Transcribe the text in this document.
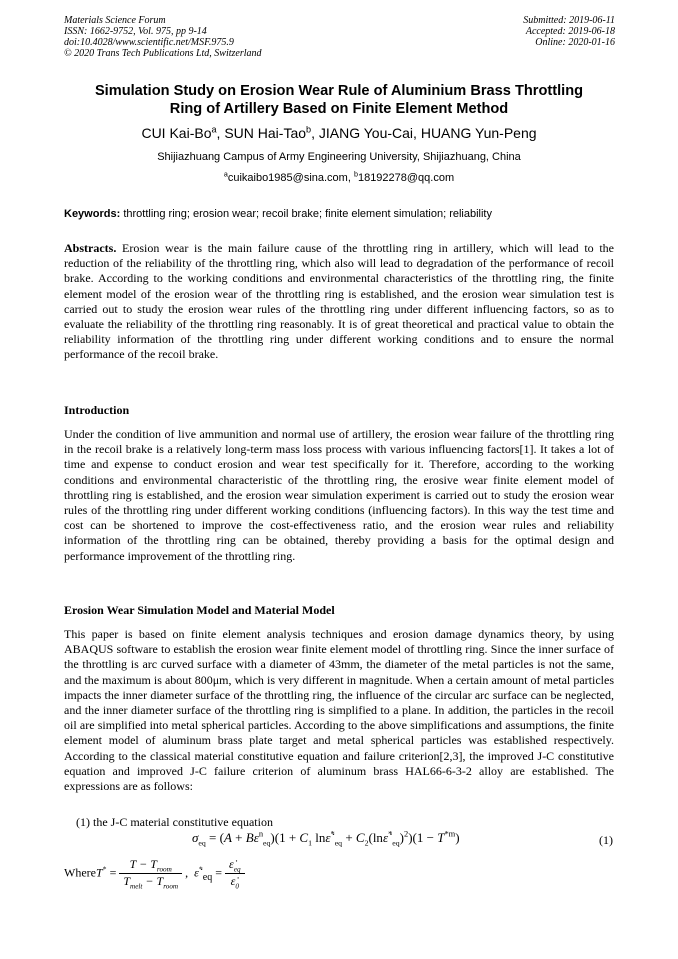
Materials Science Forum
ISSN: 1662-9752, Vol. 975, pp 9-14
doi:10.4028/www.scientific.net/MSF.975.9
© 2020 Trans Tech Publications Ltd, Switzerland
Submitted: 2019-06-11
Accepted: 2019-06-18
Online: 2020-01-16
Simulation Study on Erosion Wear Rule of Aluminium Brass Throttling
Ring of Artillery Based on Finite Element Method
CUI Kai-Bo$^a$, SUN Hai-Tao$^b$, JIANG You-Cai, HUANG Yun-Peng
Shijiazhuang Campus of Army Engineering University, Shijiazhuang, China
$^a$cuikaibo1985@sina.com, $^b$18192278@qq.com
Keywords: throttling ring; erosion wear; recoil brake; finite element simulation; reliability
Abstracts. Erosion wear is the main failure cause of the throttling ring in artillery, which will lead to the reduction of the reliability of the throttling ring, which also will lead to degradation of the performance of recoil brake. According to the working conditions and environmental characteristics of the throttling ring, the finite element model of the erosion wear of the throttling ring is established, and the erosion wear simulation test is carried out to study the erosion wear rules of the throttling ring under different influencing factors, so as to evaluate the reliability of the throttling ring reasonably. It is of great theoretical and practical value to obtain the reliability information of the throttling ring under different working conditions and to ensure the normal performance of the recoil brake.
Introduction
Under the condition of live ammunition and normal use of artillery, the erosion wear failure of the throttling ring in the recoil brake is a relatively long-term mass loss process with various influencing factors[1]. It takes a lot of time and expense to conduct erosion and wear test specifically for it. Therefore, according to the working conditions and environmental characteristic of the throttling ring, the erosive wear finite element model of throttling ring is established, and the erosion wear simulation experiment is carried out to study the erosion wear rules of the throttling ring under different working conditions (influencing factors). In this way the test time and cost can be shortened to improve the cost-effectiveness ratio, and the erosion wear rules and reliability information of the throttling ring can be obtained, thereby providing a basis for the optimal design and performance improvement of the throttling ring.
Erosion Wear Simulation Model and Material Model
This paper is based on finite element analysis techniques and erosion damage dynamics theory, by using ABAQUS software to establish the erosion wear finite element model of throttling ring. Since the inner surface of the throttling is arc curved surface with a diameter of 43mm, the diameter of the metal particles is not the same, and the maximum is about 800μm, which is very different in magnitude. When a certain amount of metal particles impacts the inner diameter surface of the throttling ring, the influence of the circular arc surface can be neglected, and the inner diameter surface of the throttling ring is simplified to a plane. In addition, the particles in the recoil oil are simplified into metal spherical particles. According to the above simplifications and assumptions, the finite element model of aluminum brass plate target and metal spherical particles was established respectively. According to the classical material constitutive equation and failure criterion[2,3], the improved J-C constitutive equation and improved J-C failure criterion of aluminum brass HAL66-6-3-2 alloy are established. The expressions are as follows:
(1) the J-C material constitutive equation
$\sigma_{eq} = (A + B\varepsilon^n_{eq})(1 + C_1$ $\ln\varepsiloṅ^*_{eq}$ + $C_2(\ln\varepsiloṅ^*_{eq})^2)(1 - T^{*m})$	(1)
WhereT* = $\frac{T - T_{room}}{T_{melt} - T_{room}}$ ,  $\varepsiloṅ^*_{eq} = \frac{\varepsiloṅ_{eq}}{\varepsiloṅ_0}$
